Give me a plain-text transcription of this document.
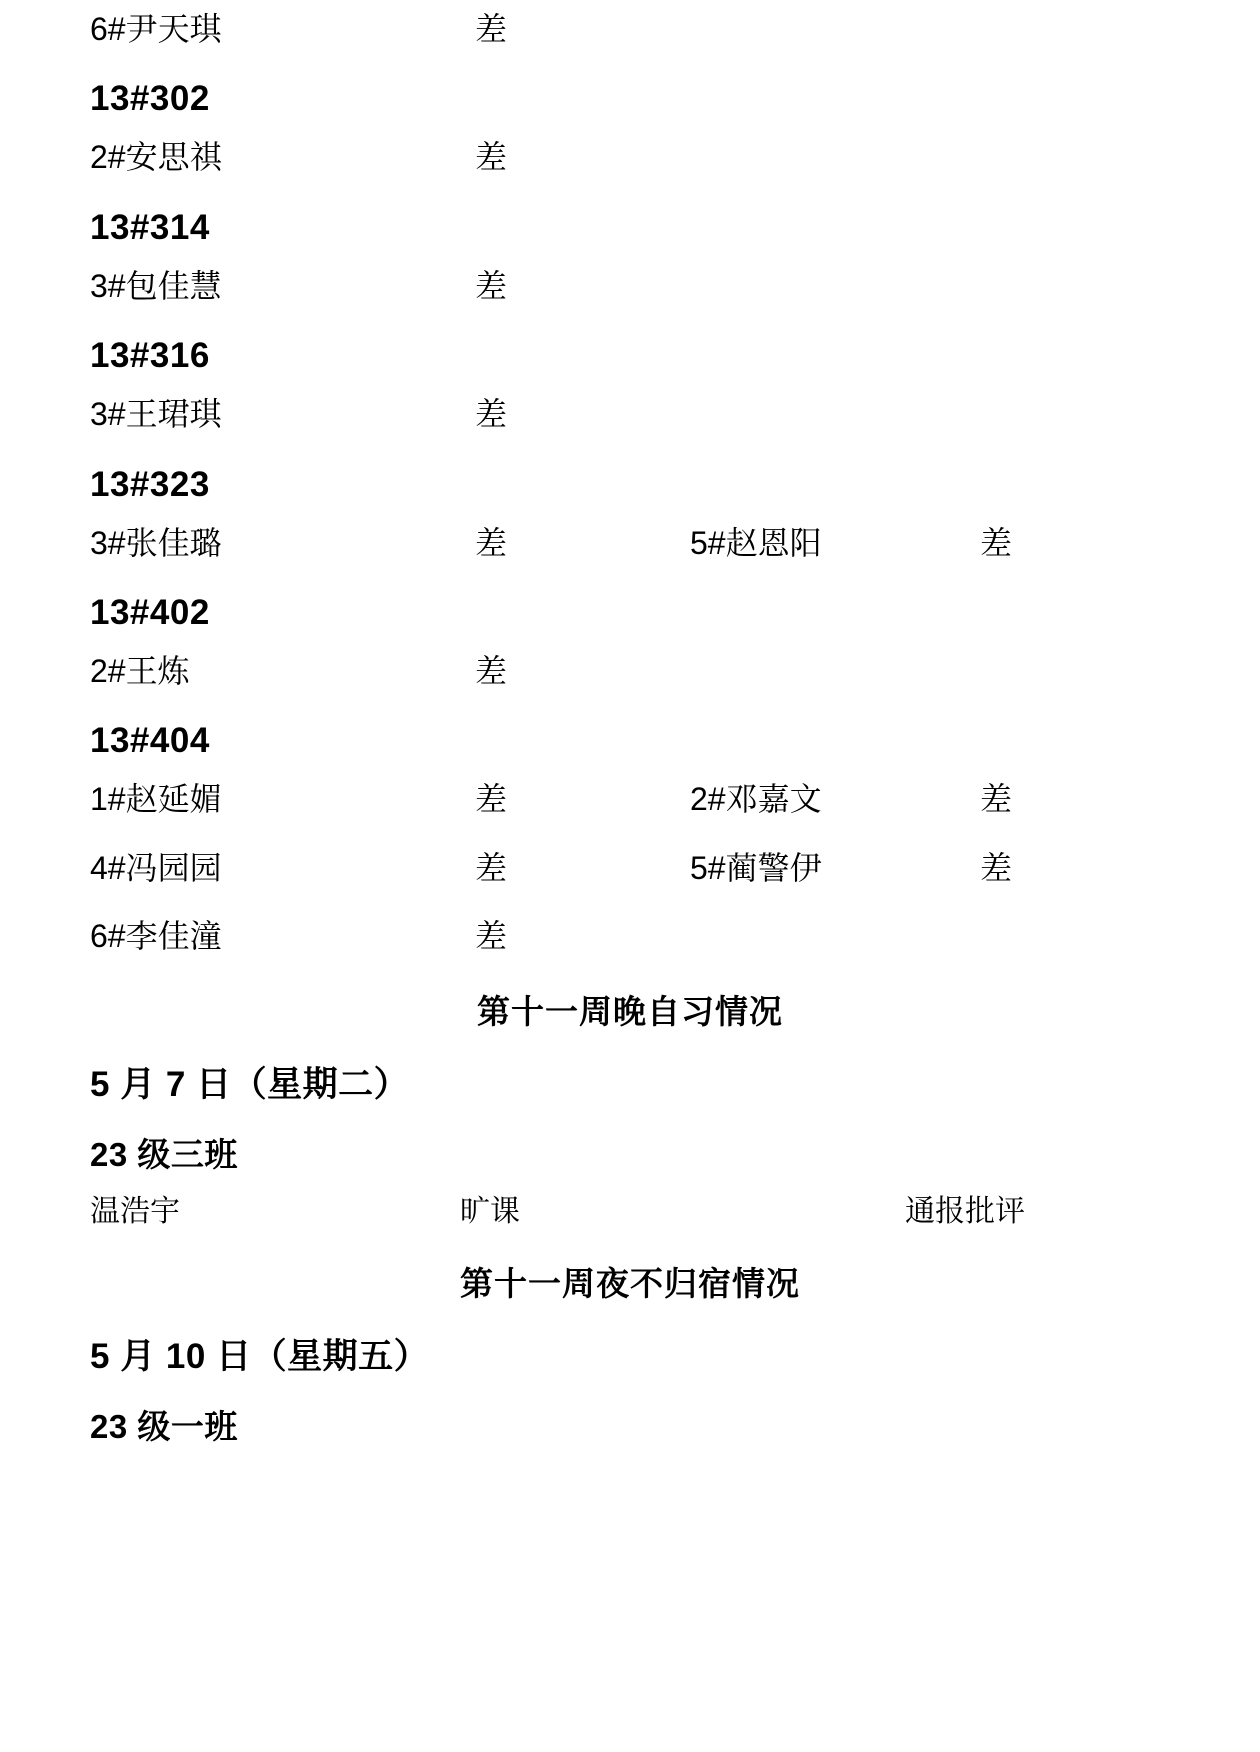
6#尹天琪	差
13#302
2#安思祺	差
13#314
3#包佳慧	差
13#316
3#王珺琪	差
13#323
3#张佳璐	差	5#赵恩阳	差
13#402
2#王炼	差
13#404
1#赵延媚	差	2#邓嘉文	差
4#冯园园	差	5#蔺警伊	差
6#李佳潼	差
第十一周晚自习情况
5 月 7 日（星期二）
23 级三班
温浩宇	旷课	通报批评
第十一周夜不归宿情况
5 月 10 日（星期五）
23 级一班
